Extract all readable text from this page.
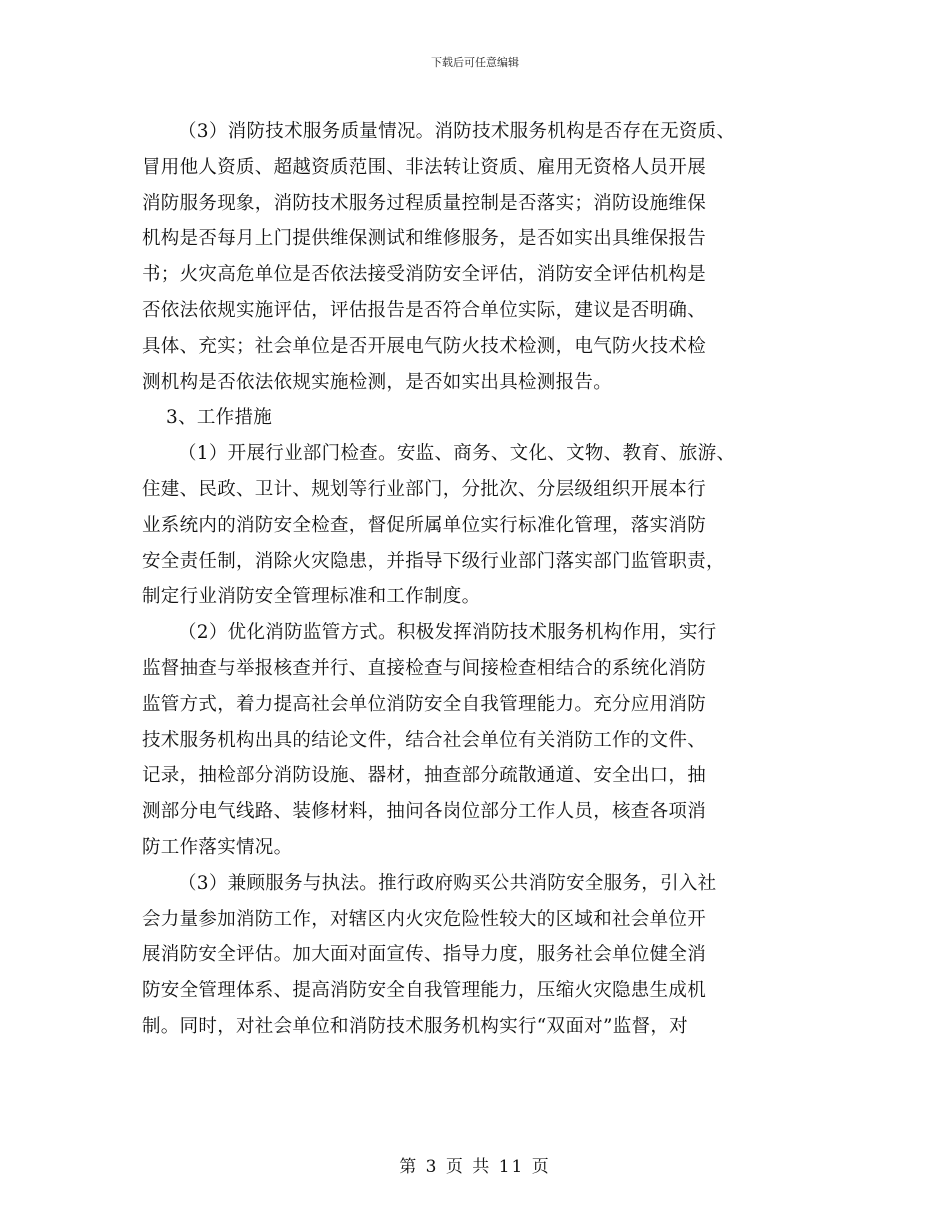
下载后可任意编辑
（3）消防技术服务质量情况。消防技术服务机构是否存在无资质、
冒用他人资质、超越资质范围、非法转让资质、雇用无资格人员开展
消防服务现象，消防技术服务过程质量控制是否落实；消防设施维保
机构是否每月上门提供维保测试和维修服务，是否如实出具维保报告
书；火灾高危单位是否依法接受消防安全评估，消防安全评估机构是
否依法依规实施评估，评估报告是否符合单位实际，建议是否明确、
具体、充实；社会单位是否开展电气防火技术检测，电气防火技术检
测机构是否依法依规实施检测，是否如实出具检测报告。
3、工作措施
（1）开展行业部门检查。安监、商务、文化、文物、教育、旅游、
住建、民政、卫计、规划等行业部门，分批次、分层级组织开展本行
业系统内的消防安全检查，督促所属单位实行标准化管理，落实消防
安全责任制，消除火灾隐患，并指导下级行业部门落实部门监管职责，
制定行业消防安全管理标准和工作制度。
（2）优化消防监管方式。积极发挥消防技术服务机构作用，实行
监督抽查与举报核查并行、直接检查与间接检查相结合的系统化消防
监管方式，着力提高社会单位消防安全自我管理能力。充分应用消防
技术服务机构出具的结论文件，结合社会单位有关消防工作的文件、
记录，抽检部分消防设施、器材，抽查部分疏散通道、安全出口，抽
测部分电气线路、装修材料，抽问各岗位部分工作人员，核查各项消
防工作落实情况。
（3）兼顾服务与执法。推行政府购买公共消防安全服务，引入社
会力量参加消防工作，对辖区内火灾危险性较大的区域和社会单位开
展消防安全评估。加大面对面宣传、指导力度，服务社会单位健全消
防安全管理体系、提高消防安全自我管理能力，压缩火灾隐患生成机
制。同时，对社会单位和消防技术服务机构实行“双面对”监督，对
第 3 页 共 11 页
